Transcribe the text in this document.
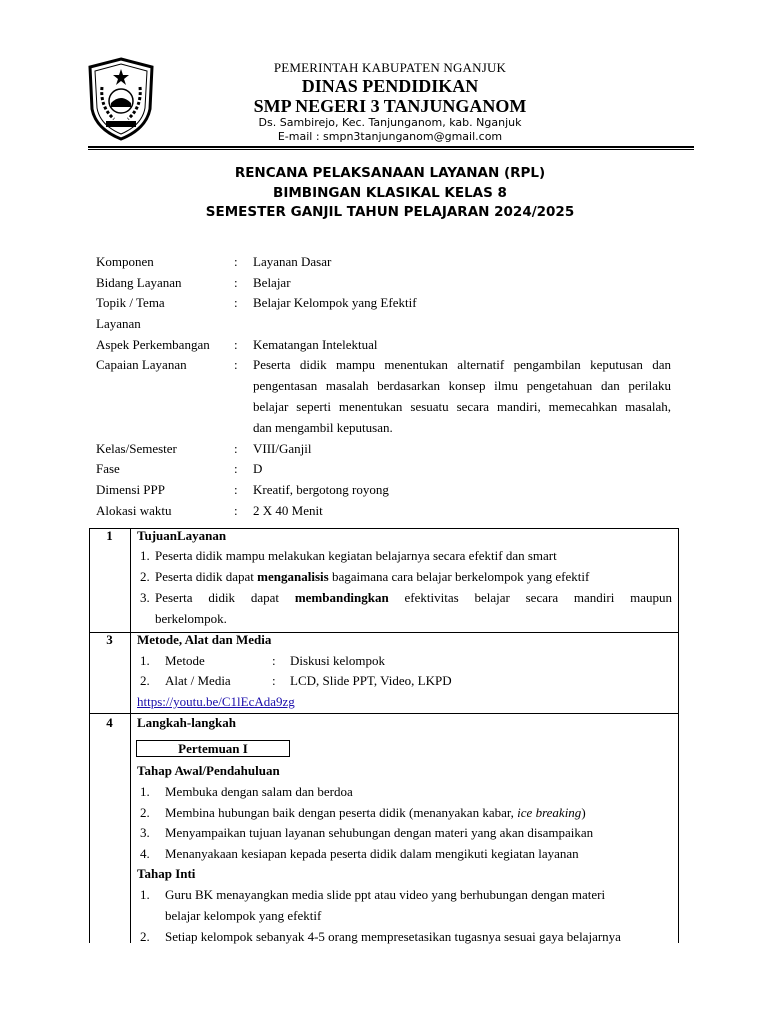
PEMERINTAH KABUPATEN NGANJUK
DINAS PENDIDIKAN
SMP NEGERI 3 TANJUNGANOM
Ds. Sambirejo, Kec. Tanjunganom, kab. Nganjuk
E-mail : smpn3tanjunganom@gmail.com
RENCANA PELAKSANAAN LAYANAN (RPL)
BIMBINGAN KLASIKAL KELAS 8
SEMESTER GANJIL TAHUN PELAJARAN 2024/2025
Komponen	: Layanan Dasar
Bidang Layanan	: Belajar
Topik / Tema	: Belajar Kelompok yang Efektif
Layanan
Aspek Perkembangan : Kematangan Intelektual
Capaian Layanan	: Peserta didik mampu menentukan alternatif pengambilan keputusan dan
pengentasan masalah berdasarkan konsep ilmu pengetahuan dan perilaku
belajar seperti menentukan sesuatu secara mandiri, memecahkan masalah,
dan mengambil keputusan.
Kelas/Semester	: VIII/Ganjil
Fase	: D
Dimensi PPP	: Kreatif, bergotong royong
Alokasi waktu	: 2 X 40 Menit
1	TujuanLayanan
1. Peserta didik mampu melakukan kegiatan belajarnya secara efektif dan smart
2. Peserta didik dapat menganalisis bagaimana cara belajar berkelompok yang efektif
3. Peserta didik dapat membandingkan efektivitas belajar secara mandiri maupun
berkelompok.
3	Metode, Alat dan Media
1. Metode	: Diskusi kelompok
2. Alat / Media	: LCD, Slide PPT, Video, LKPD
https://youtu.be/C1lEcAda9zg
4	Langkah-langkah
Pertemuan I
Tahap Awal/Pendahuluan
1. Membuka dengan salam dan berdoa
2. Membina hubungan baik dengan peserta didik (menanyakan kabar, ice breaking)
3. Menyampaikan tujuan layanan sehubungan dengan materi yang akan disampaikan
4. Menanyakaan kesiapan kepada peserta didik dalam mengikuti kegiatan layanan
Tahap Inti
1. Guru BK menayangkan media slide ppt atau video yang berhubungan dengan materi
belajar kelompok yang efektif
2. Setiap kelompok sebanyak 4-5 orang mempresetasikan tugasnya sesuai gaya belajarnya
